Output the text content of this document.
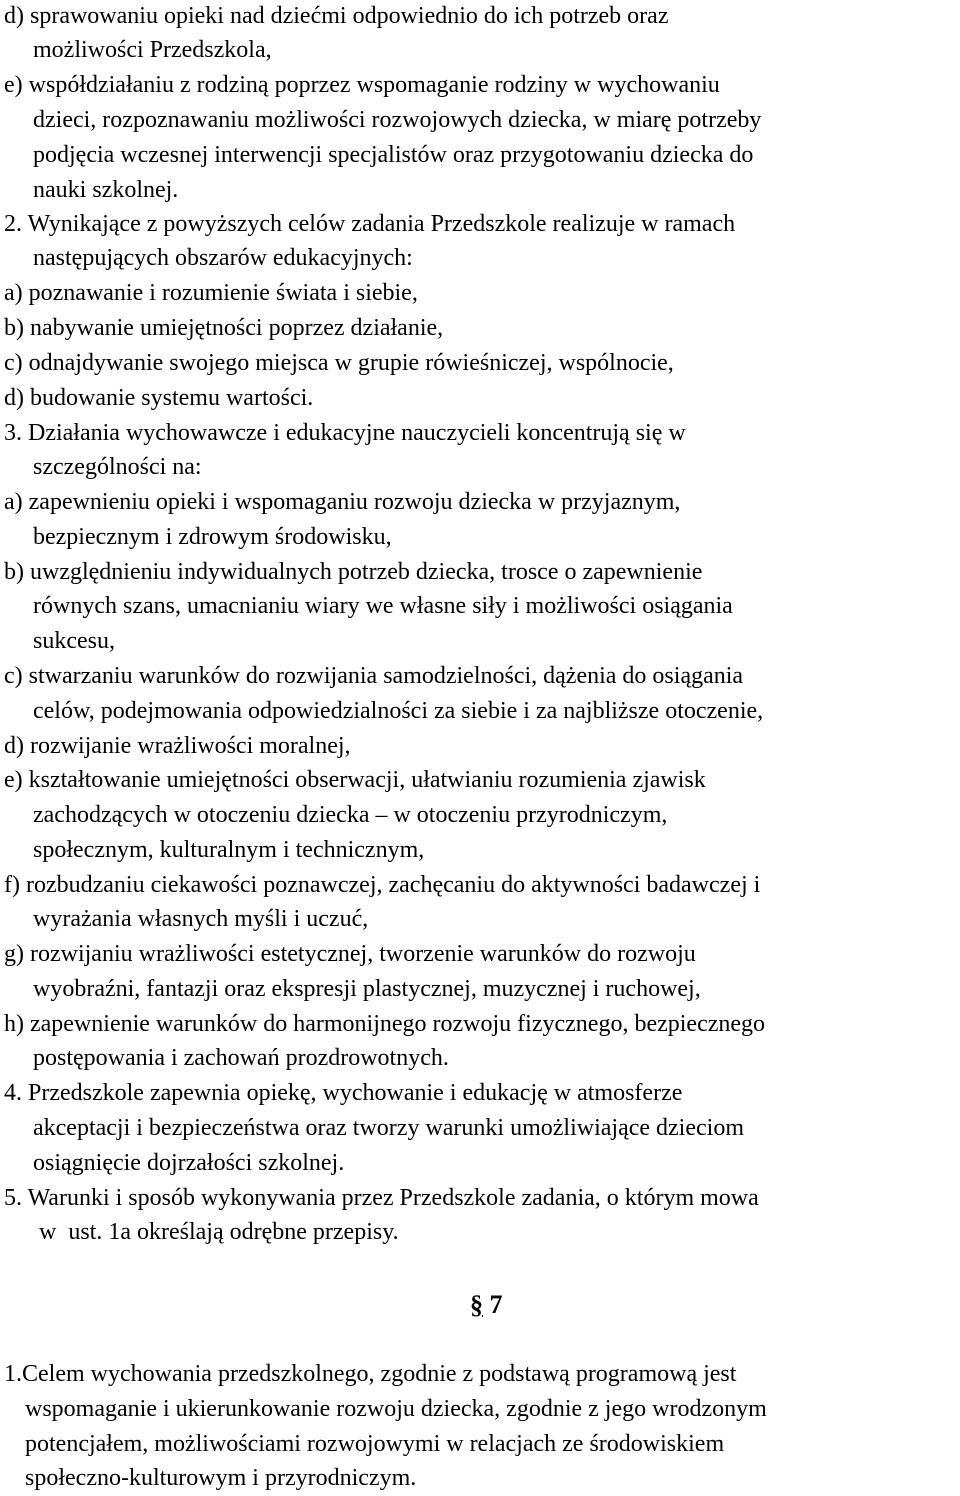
d) sprawowaniu opieki nad dziećmi odpowiednio do ich potrzeb oraz
możliwości Przedszkola,
e) współdziałaniu z rodziną poprzez wspomaganie rodziny w wychowaniu
dzieci, rozpoznawaniu możliwości rozwojowych dziecka, w miarę potrzeby
podjęcia wczesnej interwencji specjalistów oraz przygotowaniu dziecka do
nauki szkolnej.
2. Wynikające z powyższych celów zadania Przedszkole realizuje w ramach
następujących obszarów edukacyjnych:
a) poznawanie i rozumienie świata i siebie,
b) nabywanie umiejętności poprzez działanie,
c) odnajdywanie swojego miejsca w grupie rówieśniczej, wspólnocie,
d) budowanie systemu wartości.
3. Działania wychowawcze i edukacyjne nauczycieli koncentrują się w
szczególności na:
a) zapewnieniu opieki i wspomaganiu rozwoju dziecka w przyjaznym,
bezpiecznym i zdrowym środowisku,
b) uwzględnieniu indywidualnych potrzeb dziecka, trosce o zapewnienie
równych szans, umacnianiu wiary we własne siły i możliwości osiągania
sukcesu,
c) stwarzaniu warunków do rozwijania samodzielności, dążenia do osiągania
celów, podejmowania odpowiedzialności za siebie i za najbliższe otoczenie,
d) rozwijanie wrażliwości moralnej,
e) kształtowanie umiejętności obserwacji, ułatwianiu rozumienia zjawisk
zachodzących w otoczeniu dziecka – w otoczeniu przyrodniczym,
społecznym, kulturalnym i technicznym,
f) rozbudzaniu ciekawości poznawczej, zachęcaniu do aktywności badawczej i
wyrażania własnych myśli i uczuć,
g) rozwijaniu wrażliwości estetycznej, tworzenie warunków do rozwoju
wyobraźni, fantazji oraz ekspresji plastycznej, muzycznej i ruchowej,
h) zapewnienie warunków do harmonijnego rozwoju fizycznego, bezpiecznego
postępowania i zachowań prozdrowotnych.
4. Przedszkole zapewnia opiekę, wychowanie i edukację w atmosferze
akceptacji i bezpieczeństwa oraz tworzy warunki umożliwiające dzieciom
osiągnięcie dojrzałości szkolnej.
5. Warunki i sposób wykonywania przez Przedszkole zadania, o którym mowa
w  ust. 1a określają odrębne przepisy.
§ 7
1.Celem wychowania przedszkolnego, zgodnie z podstawą programową jest
wspomaganie i ukierunkowanie rozwoju dziecka, zgodnie z jego wrodzonym
potencjałem, możliwościami rozwojowymi w relacjach ze środowiskiem
społeczno-kulturowym i przyrodniczym.
